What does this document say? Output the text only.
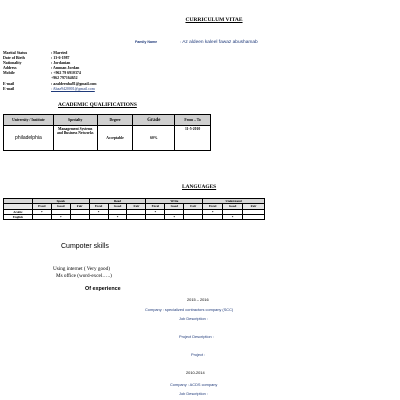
CURRICULUM VITAE
Family Name	: Az aldeen kaleel fawaz abushamab
Marital Status	: Married
Date of Birth	: 13-6-1987
Nationality	: Jordanian
Address	: Amman Jordan
Mobile	: +962 79 6910374
+962 797164652
E-mail	: azaldeenha81@gmail.com
E-mail	: Abaz9420001@gmail.com
ACADEMIC QUALIFICATIONS
University / Institute	Specialty	Degree	Grade	From – To
philadelphia	Management Systems and Business Networks	Acceptable	60%	11-5-2010
LANGUAGES
	Speak			Read			Write			Understand		
	Excel	Good	Fair	Excel	Good	Fair	Excel	Good	Fair	Excel	Good	Fair
Arabic	*			*			*			*		
English		*			*			*			*	
Cumpoter skills
Using internet ( Very good)
Ms office (word-excel…..)
Of experience
2015 – 2016
Company : specialized contractors company (SCC)
Job Description :
Project Description :
Project :
2010-2014
Company : ACDS company
Job Description :
